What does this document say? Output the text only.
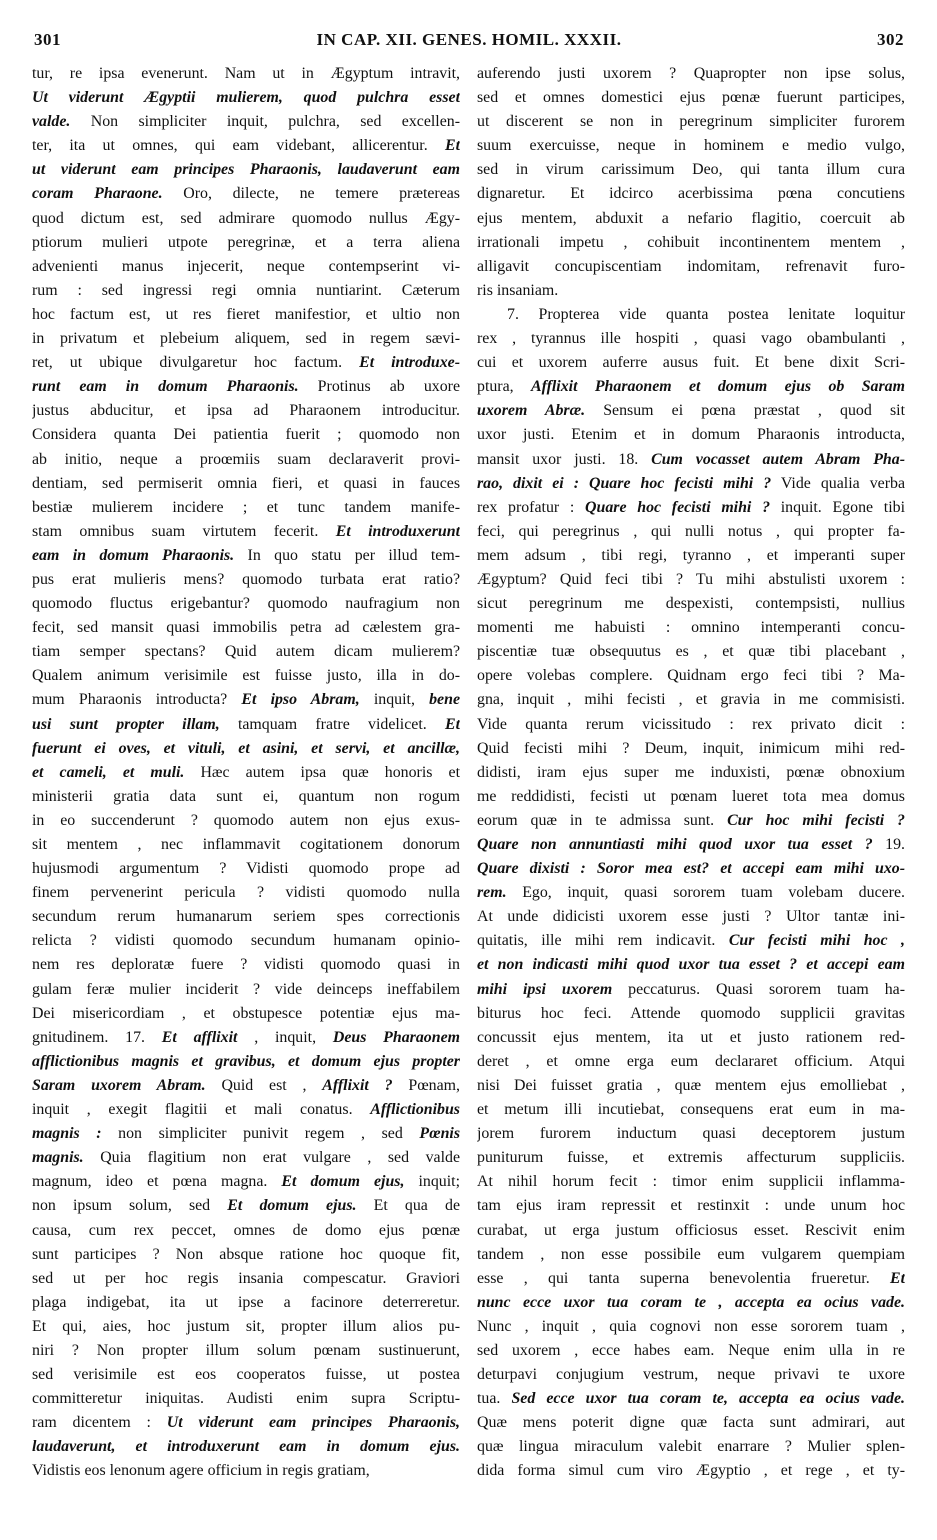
301	IN CAP. XII. GENES. HOMIL. XXXII.	302
tur, re ipsa evenerunt. Nam ut in Ægyptum intravit,
Ut viderunt Ægyptii mulierem, quod pulchra esset
valde. Non simpliciter inquit, pulchra, sed excellen-
ter, ita ut omnes, qui eam videbant, allicerentur. Et
ut viderunt eam principes Pharaonis, laudaverunt eam
coram Pharaone. Oro, dilecte, ne temere prætereas
quod dictum est, sed admirare quomodo nullus Ægy-
ptiorum mulieri utpote peregrinæ, et a terra aliena
advenienti manus injecerit, neque contempserint vi-
rum : sed ingressi regi omnia nuntiarint. Cæterum
hoc factum est, ut res fieret manifestior, et ultio non
in privatum et plebeium aliquem, sed in regem sævi-
ret, ut ubique divulgaretur hoc factum. Et introduxe-
runt eam in domum Pharaonis. Protinus ab uxore
justus abducitur, et ipsa ad Pharaonem introducitur.
Considera quanta Dei patientia fuerit ; quomodo non
ab initio, neque a proœmiis suam declaraverit provi-
dentiam, sed permiserit omnia fieri, et quasi in fauces
bestiæ mulierem incidere ; et tunc tandem manife-
stam omnibus suam virtutem fecerit. Et introduxerunt
eam in domum Pharaonis. In quo statu per illud tem-
pus erat mulieris mens? quomodo turbata erat ratio?
quomodo fluctus erigebantur? quomodo naufragium non
fecit, sed mansit quasi immobilis petra ad cælestem gra-
tiam semper spectans? Quid autem dicam mulierem?
Qualem animum verisimile est fuisse justo, illa in do-
mum Pharaonis introducta? Et ipso Abram, inquit, bene
usi sunt propter illam, tamquam fratre videlicet. Et
fuerunt ei oves, et vituli, et asini, et servi, et ancillæ,
et cameli, et muli. Hæc autem ipsa quæ honoris et
ministerii gratia data sunt ei, quantum non rogum
in eo succenderunt ? quomodo autem non ejus exus-
sit mentem , nec inflammavit cogitationem donorum
hujusmodi argumentum ? Vidisti quomodo prope ad
finem pervenerint pericula ? vidisti quomodo nulla
secundum rerum humanarum seriem spes correctionis
relicta ? vidisti quomodo secundum humanam opinio-
nem res deploratæ fuere ? vidisti quomodo quasi in
gulam feræ mulier inciderit ? vide deinceps ineffabilem
Dei misericordiam , et obstupesce potentiæ ejus ma-
gnitudinem. 17. Et afflixit , inquit, Deus Pharaonem
afflictionibus magnis et gravibus, et domum ejus propter
Saram uxorem Abram. Quid est , Afflixit ? Pœnam,
inquit , exegit flagitii et mali conatus. Afflictionibus
magnis : non simpliciter punivit regem , sed Pœnis
magnis. Quia flagitium non erat vulgare , sed valde
magnum, ideo et pœna magna. Et domum ejus, inquit;
non ipsum solum, sed Et domum ejus. Et qua de
causa, cum rex peccet, omnes de domo ejus pœnæ
sunt participes ? Non absque ratione hoc quoque fit,
sed ut per hoc regis insania compescatur. Graviori
plaga indigebat, ita ut ipse a facinore deterreretur.
Et qui, aies, hoc justum sit, propter illum alios pu-
niri ? Non propter illum solum pœnam sustinuerunt,
sed verisimile est eos cooperatos fuisse, ut postea
committeretur iniquitas. Audisti enim supra Scriptu-
ram dicentem : Ut viderunt eam principes Pharaonis,
laudaverunt, et introduxerunt eam in domum ejus.
Vidistis eos lenonum agere officium in regis gratiam,
auferendo justi uxorem ? Quapropter non ipse solus,
sed et omnes domestici ejus pœnæ fuerunt participes,
ut discerent se non in peregrinum simpliciter furorem
suum exercuisse, neque in hominem e medio vulgo,
sed in virum carissimum Deo, qui tanta illum cura
dignaretur. Et idcirco acerbissima pœna concutiens
ejus mentem, abduxit a nefario flagitio, coercuit ab
irrationali impetu , cohibuit incontinentem mentem ,
alligavit concupiscentiam indomitam, refrenavit furo-
ris insaniam.
7. Propterea vide quanta postea lenitate loquitur
rex , tyrannus ille hospiti , quasi vago obambulanti ,
cui et uxorem auferre ausus fuit. Et bene dixit Scri-
ptura, Afflixit Pharaonem et domum ejus ob Saram
uxorem Abræ. Sensum ei pœna præstat , quod sit
uxor justi. Etenim et in domum Pharaonis introducta,
mansit uxor justi. 18. Cum vocasset autem Abram Pha-
rao, dixit ei : Quare hoc fecisti mihi ? Vide qualia verba
rex profatur : Quare hoc fecisti mihi ? inquit. Egone tibi
feci, qui peregrinus , qui nulli notus , qui propter fa-
mem adsum , tibi regi, tyranno , et imperanti super
Ægyptum? Quid feci tibi ? Tu mihi abstulisti uxorem :
sicut peregrinum me despexisti, contempsisti, nullius
momenti me habuisti : omnino intemperanti concu-
piscentiæ tuæ obsequutus es , et quæ tibi placebant ,
opere volebas complere. Quidnam ergo feci tibi ? Ma-
gna, inquit , mihi fecisti , et gravia in me commisisti.
Vide quanta rerum vicissitudo : rex privato dicit :
Quid fecisti mihi ? Deum, inquit, inimicum mihi red-
didisti, iram ejus super me induxisti, pœnæ obnoxium
me reddidisti, fecisti ut pœnam lueret tota mea domus
eorum quæ in te admissa sunt. Cur hoc mihi fecisti ?
Quare non annuntiasti mihi quod uxor tua esset ? 19.
Quare dixisti : Soror mea est? et accepi eam mihi uxo-
rem. Ego, inquit, quasi sororem tuam volebam ducere.
At unde didicisti uxorem esse justi ? Ultor tantæ ini-
quitatis, ille mihi rem indicavit. Cur fecisti mihi hoc ,
et non indicasti mihi quod uxor tua esset ? et accepi eam
mihi ipsi uxorem peccaturus. Quasi sororem tuam ha-
biturus hoc feci. Attende quomodo supplicii gravitas
concussit ejus mentem, ita ut et justo rationem red-
deret , et omne erga eum declararet officium. Atqui
nisi Dei fuisset gratia , quæ mentem ejus emolliebat ,
et metum illi incutiebat, consequens erat eum in ma-
jorem furorem inductum quasi deceptorem justum
puniturum fuisse, et extremis affecturum suppliciis.
At nihil horum fecit : timor enim supplicii inflamma-
tam ejus iram repressit et restinxit : unde unum hoc
curabat, ut erga justum officiosus esset. Rescivit enim
tandem , non esse possibile eum vulgarem quempiam
esse , qui tanta superna benevolentia frueretur. Et
nunc ecce uxor tua coram te , accepta ea ocius vade.
Nunc , inquit , quia cognovi non esse sororem tuam ,
sed uxorem , ecce habes eam. Neque enim ulla in re
deturpavi conjugium vestrum, neque privavi te uxore
tua. Sed ecce uxor tua coram te, accepta ea ocius vade.
Quæ mens poterit digne quæ facta sunt admirari, aut
quæ lingua miraculum valebit enarrare ? Mulier splen-
dida forma simul cum viro Ægyptio , et rege , et ty-
